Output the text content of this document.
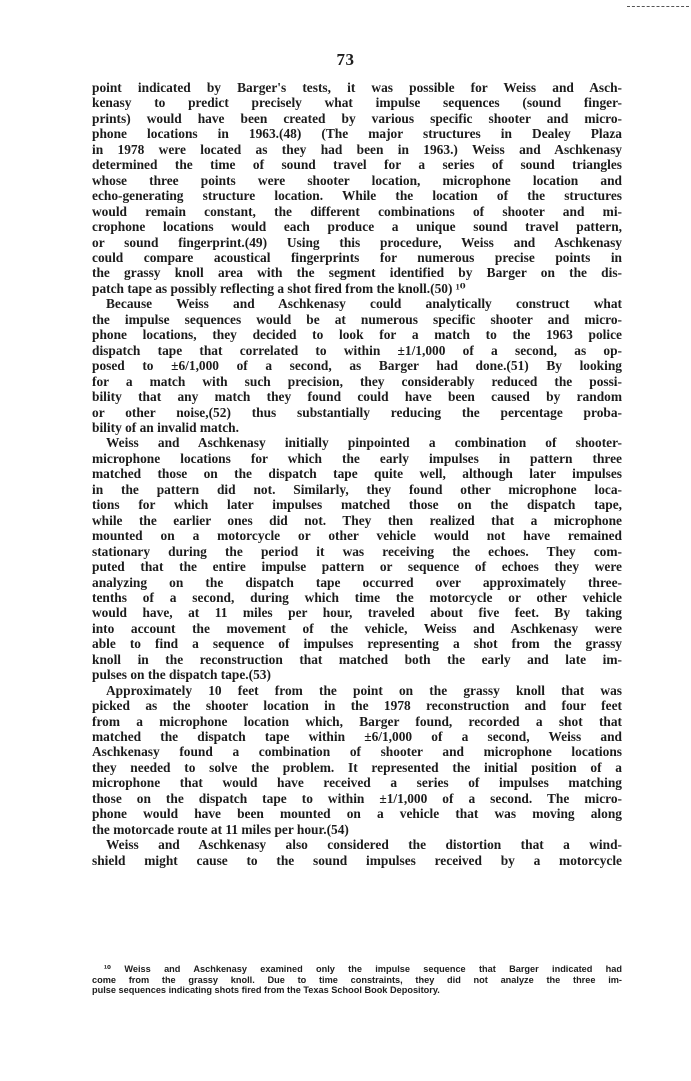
73

point indicated by Barger's tests, it was possible for Weiss and Asch-
kenasy to predict precisely what impulse sequences (sound finger-
prints) would have been created by various specific shooter and micro-
phone locations in 1963.(48) (The major structures in Dealey Plaza
in 1978 were located as they had been in 1963.) Weiss and Aschkenasy
determined the time of sound travel for a series of sound triangles
whose three points were shooter location, microphone location and
echo-generating structure location. While the location of the structures
would remain constant, the different combinations of shooter and mi-
crophone locations would each produce a unique sound travel pattern,
or sound fingerprint.(49) Using this procedure, Weiss and Aschkenasy
could compare acoustical fingerprints for numerous precise points in
the grassy knoll area with the segment identified by Barger on the dis-
patch tape as possibly reflecting a shot fired from the knoll.(50) ¹⁰

Because Weiss and Aschkenasy could analytically construct what
the impulse sequences would be at numerous specific shooter and micro-
phone locations, they decided to look for a match to the 1963 police
dispatch tape that correlated to within ±1/1,000 of a second, as op-
posed to ±6/1,000 of a second, as Barger had done.(51) By looking
for a match with such precision, they considerably reduced the possi-
bility that any match they found could have been caused by random
or other noise,(52) thus substantially reducing the percentage proba-
bility of an invalid match.

Weiss and Aschkenasy initially pinpointed a combination of shooter-
microphone locations for which the early impulses in pattern three
matched those on the dispatch tape quite well, although later impulses
in the pattern did not. Similarly, they found other microphone loca-
tions for which later impulses matched those on the dispatch tape,
while the earlier ones did not. They then realized that a microphone
mounted on a motorcycle or other vehicle would not have remained
stationary during the period it was receiving the echoes. They com-
puted that the entire impulse pattern or sequence of echoes they were
analyzing on the dispatch tape occurred over approximately three-
tenths of a second, during which time the motorcycle or other vehicle
would have, at 11 miles per hour, traveled about five feet. By taking
into account the movement of the vehicle, Weiss and Aschkenasy were
able to find a sequence of impulses representing a shot from the grassy
knoll in the reconstruction that matched both the early and late im-
pulses on the dispatch tape.(53)

Approximately 10 feet from the point on the grassy knoll that was
picked as the shooter location in the 1978 reconstruction and four feet
from a microphone location which, Barger found, recorded a shot that
matched the dispatch tape within ±6/1,000 of a second, Weiss and
Aschkenasy found a combination of shooter and microphone locations
they needed to solve the problem. It represented the initial position of a
microphone that would have received a series of impulses matching
those on the dispatch tape to within ±1/1,000 of a second. The micro-
phone would have been mounted on a vehicle that was moving along
the motorcade route at 11 miles per hour.(54)

Weiss and Aschkenasy also considered the distortion that a wind-
shield might cause to the sound impulses received by a motorcycle

¹⁰ Weiss and Aschkenasy examined only the impulse sequence that Barger indicated had
come from the grassy knoll. Due to time constraints, they did not analyze the three im-
pulse sequences indicating shots fired from the Texas School Book Depository.
